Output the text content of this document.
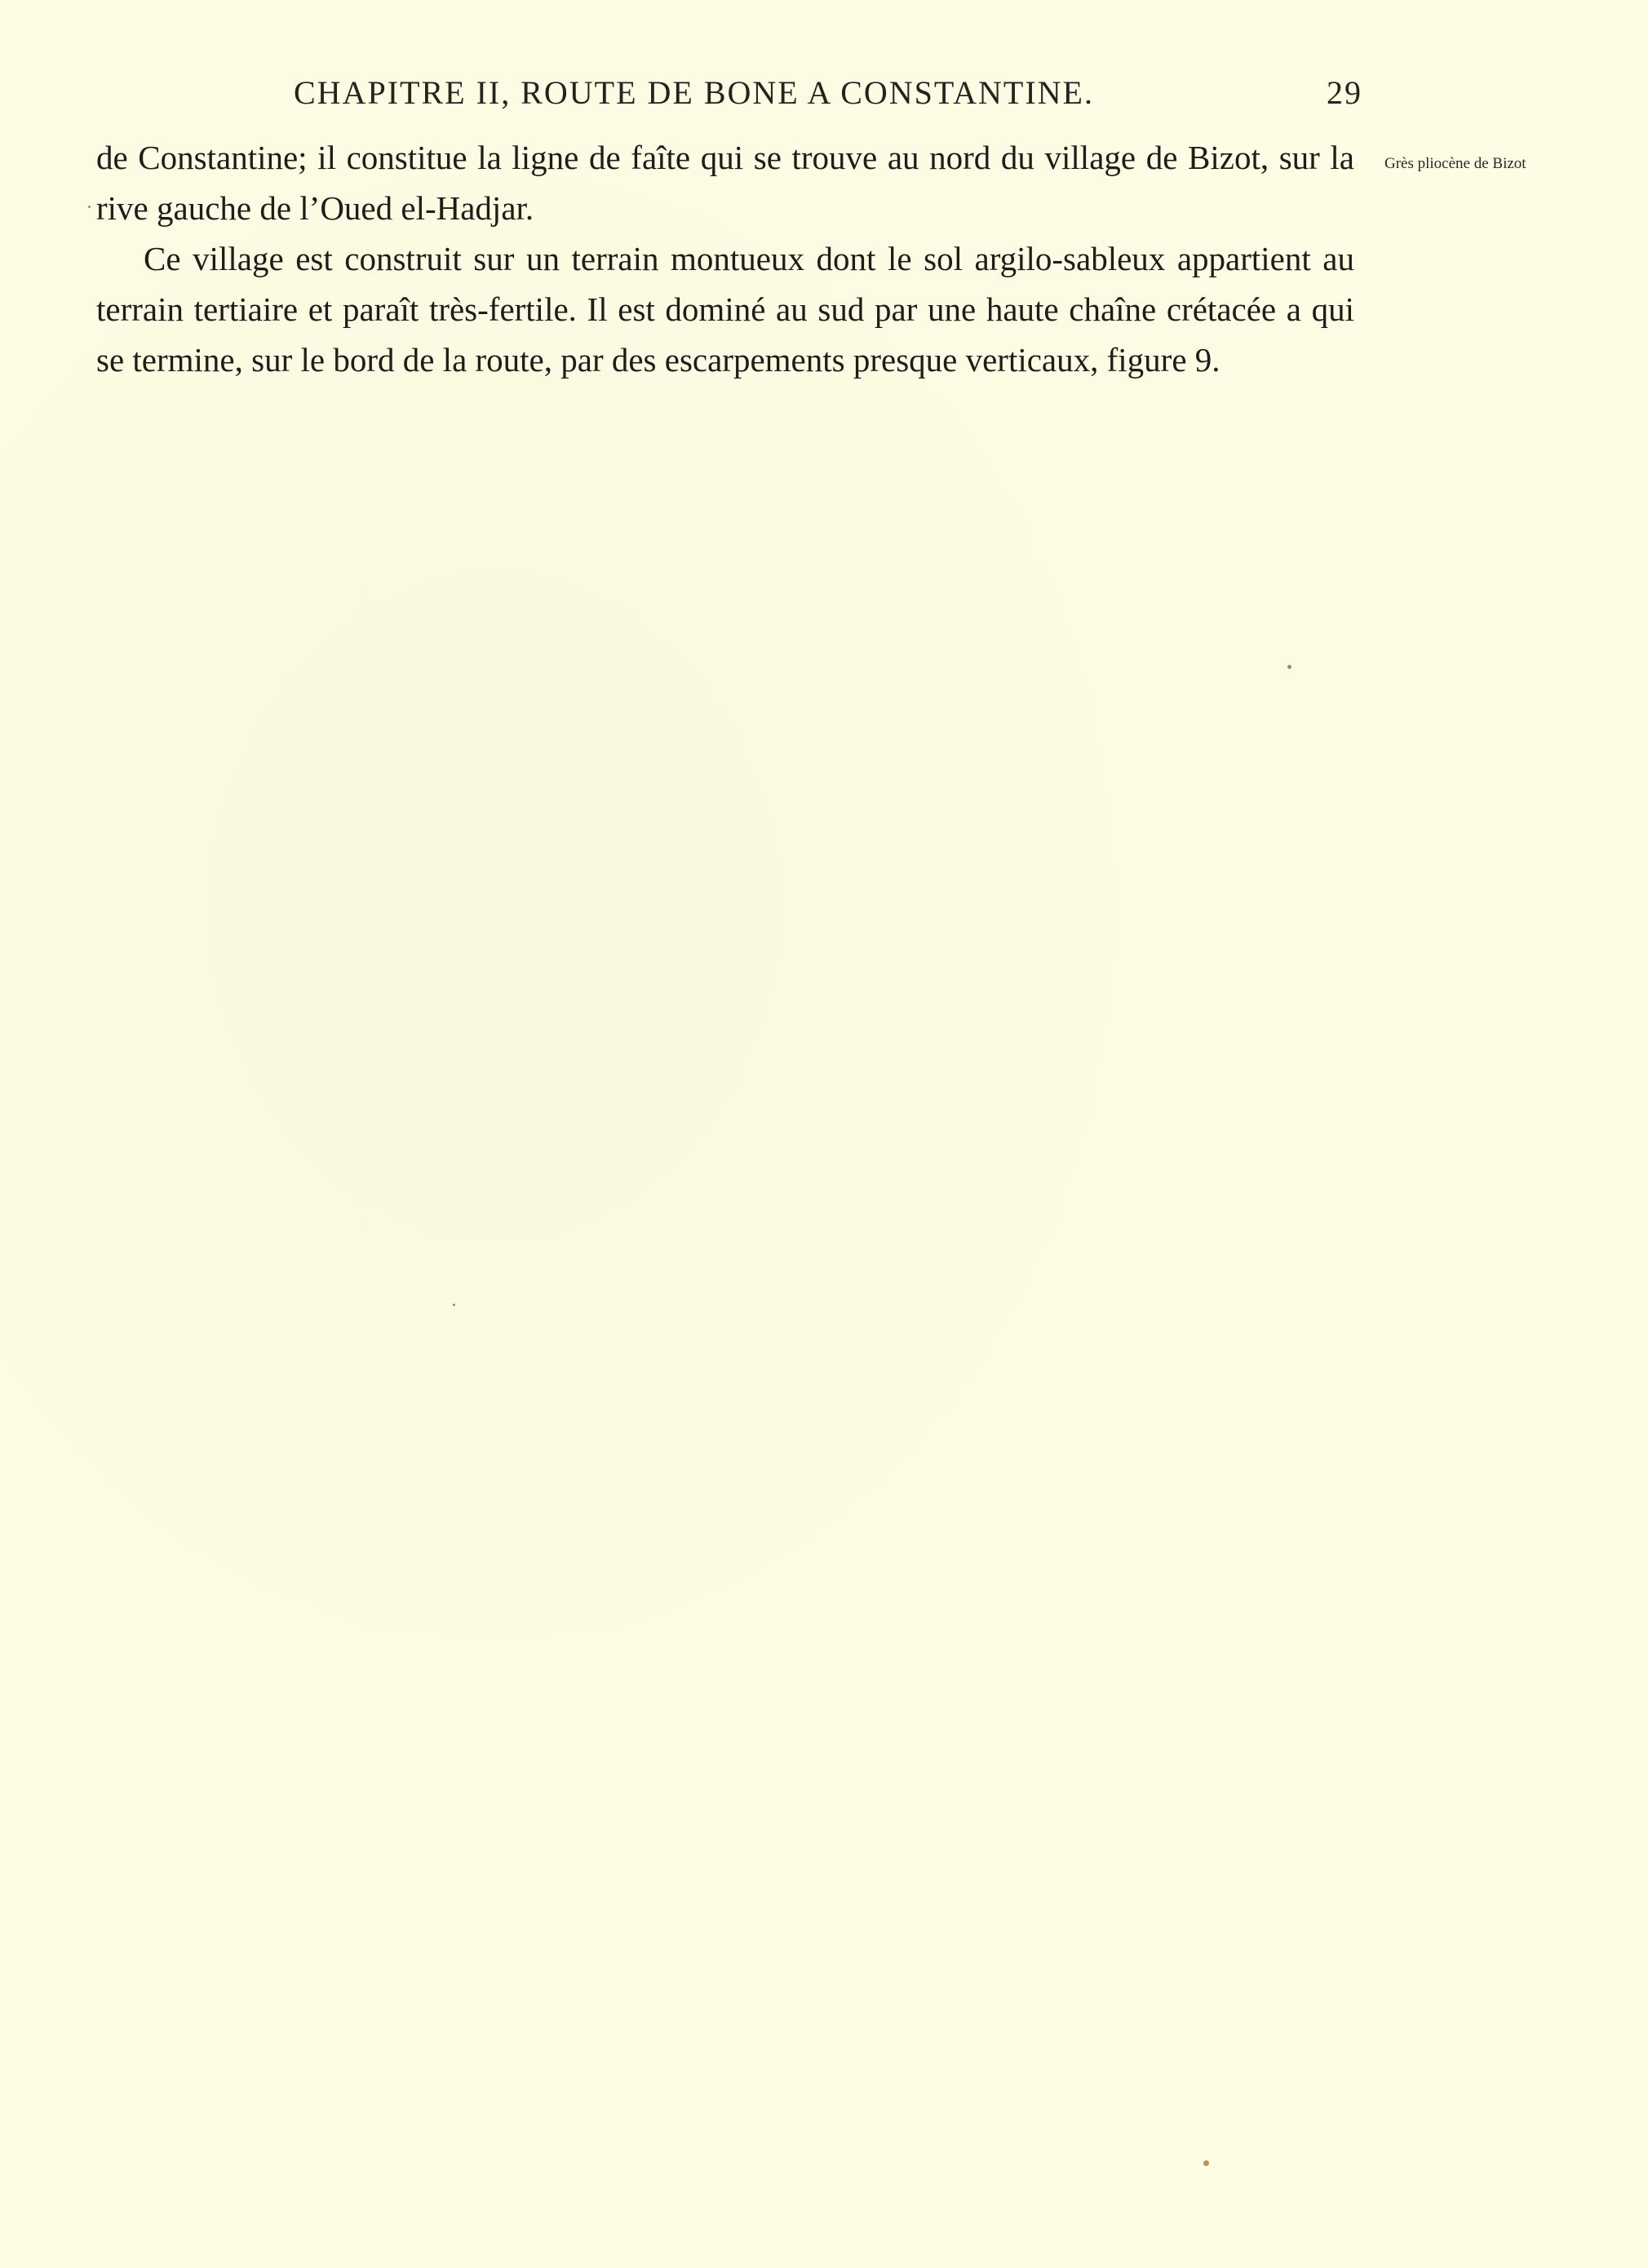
CHAPITRE II, ROUTE DE BONE A CONSTANTINE.	29
Grès pliocène de Bizot

de Constantine; il constitue la ligne de faîte qui se trouve au nord du village de Bizot, sur la rive gauche de l’Oued el-Hadjar.

Ce village est construit sur un terrain montueux dont le sol argilo-sableux appartient au terrain tertiaire et paraît très-fertile. Il est dominé au sud par une haute chaîne crétacée a qui se termine, sur le bord de la route, par des escarpements presque verticaux, figure 9.
